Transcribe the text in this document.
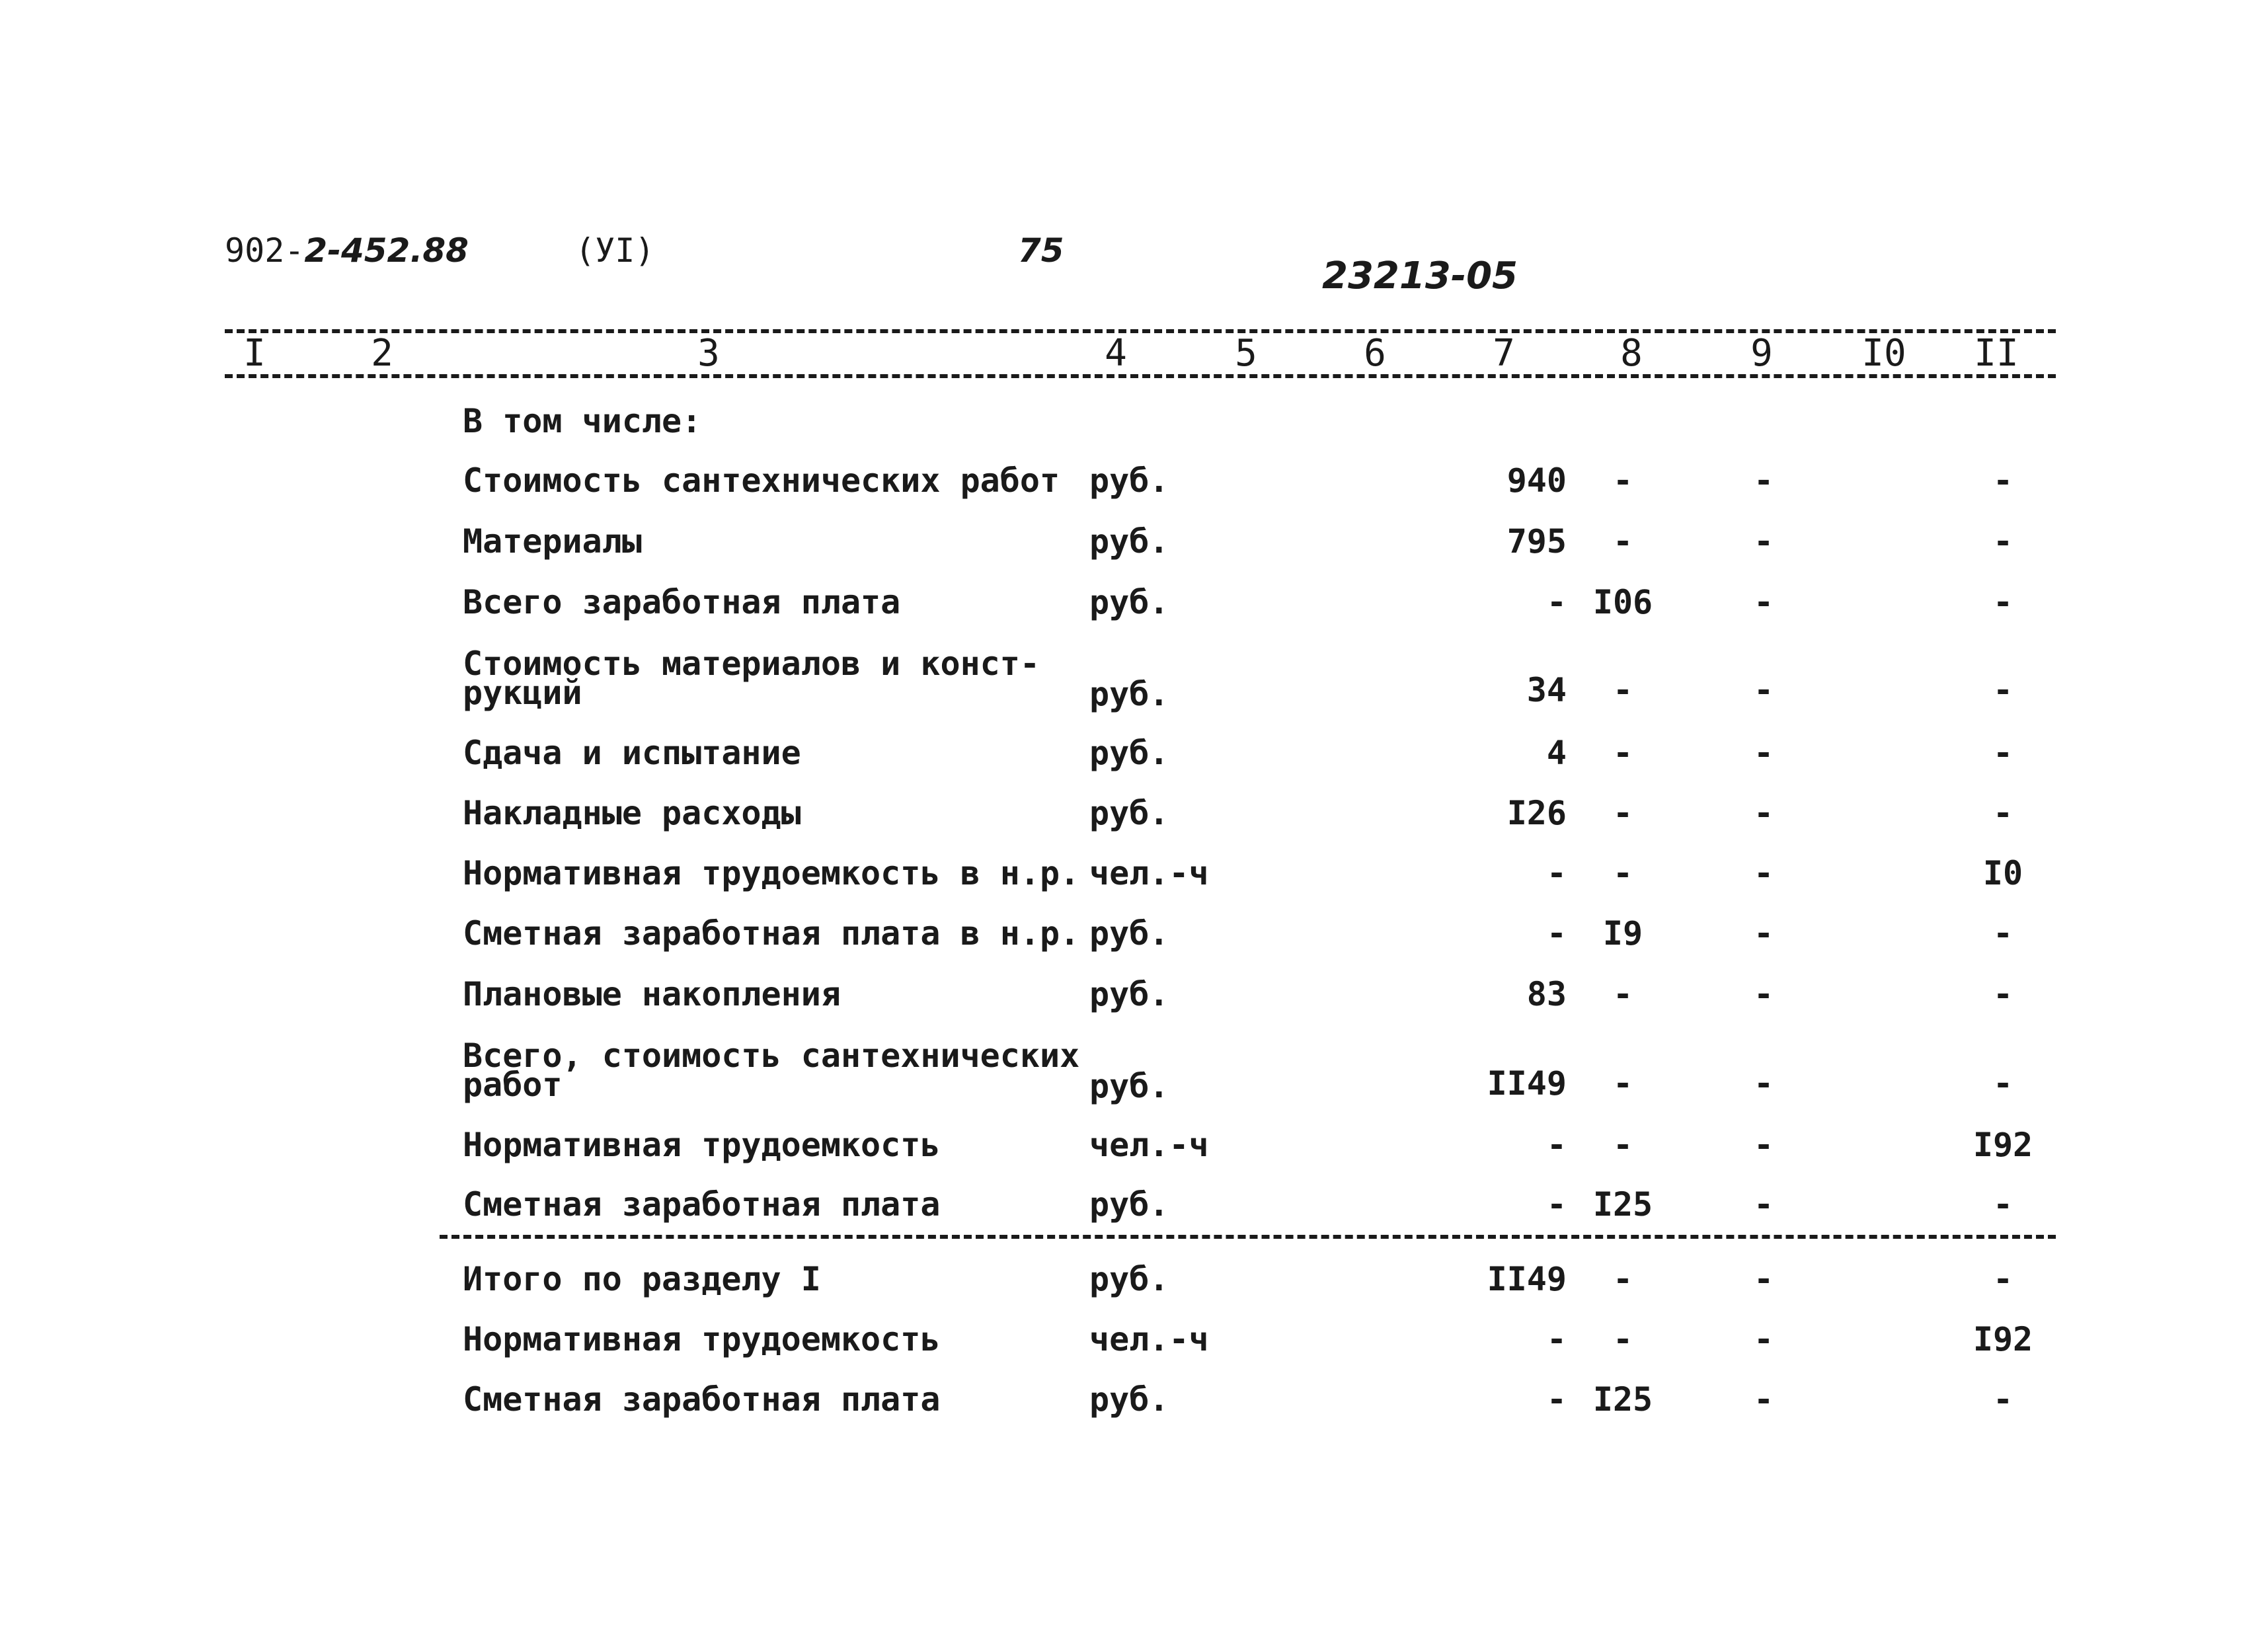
902-2-452.88	(УI)	75
23213-05
I	2	3	4	5	6	7	8	9	I0	II
В том числе:
Стоимость сантехнических работ руб.	940	-	-	-
Материалы	руб.	795	-	-	-
Всего заработная плата	руб.	- I06	-	-
Стоимость материалов и конст-
рукций	руб.	34	-	-	-
Сдача и испытание	руб.	4	-	-	-
Накладные расходы	руб.	I26	-	-	-
Нормативная трудоемкость в н.р. чел.-ч	-	-	-	I0
Сметная заработная плата в н.р. руб.	-	I9	-	-
Плановые накопления	руб.	83	-	-	-
Всего, стоимость сантехнических
работ	руб.	II49	-	-	-
Нормативная трудоемкость	чел.-ч	-	-	-	I92
Сметная заработная плата	руб.	- I25	-	-
Итого по разделу I	руб.	II49	-	-	-
Нормативная трудоемкость	чел.-ч	-	-	-	I92
Сметная заработная плата	руб.	- I25	-	-
